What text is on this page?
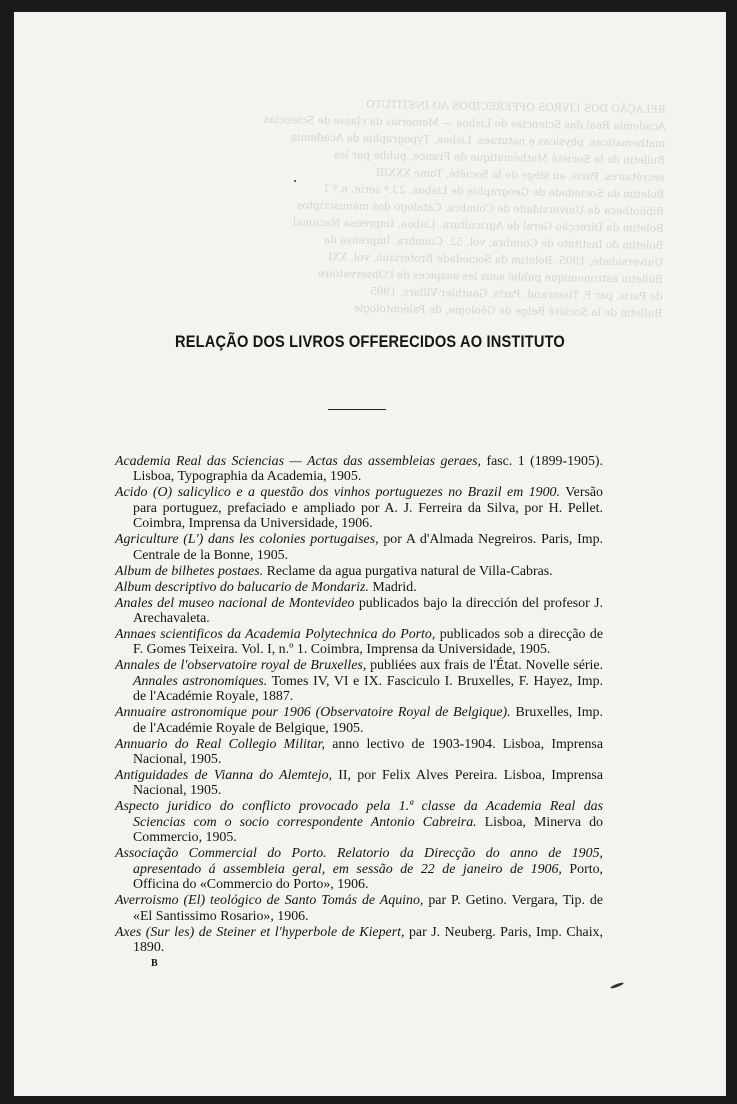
RELAÇÃO DOS LIVROS OFFERECIDOS AO INSTITUTO
Academia Real das Sciencias de Lisboa — Memorias da classe de Sciencias
mathematicas, physicas e naturaes. Lisboa, Typographia da Academia
Bulletin de la Société Mathématique de France, publié par les
secrétaires. Paris, au siège de la Société, Tome XXXIII
Boletim da Sociedade de Geographia de Lisboa, 23.ª serie, n.º 1
Bibliotheca da Universidade de Coimbra. Catalogo dos manuscriptos
Boletim da Direcção Geral de Agricultura. Lisboa, Imprensa Nacional
Boletim do Instituto de Coimbra, vol. 52. Coimbra, Imprensa da
Universidade, 1905. Boletim da Sociedade Broteriana, vol. XXI
Bulletin astronomique publié sous les auspices de l'Observatoire
de Paris, par F. Tisserand. Paris, Gauthier-Villars, 1905
Bulletin de la Société Belge de Géologie, de Paléontologie
RELAÇÃO DOS LIVROS OFFERECIDOS AO INSTITUTO
Academia Real das Sciencias — Actas das assembleias geraes, fasc. 1 (1899-1905). Lisboa, Typographia da Academia, 1905.
Acido (O) salicylico e a questão dos vinhos portuguezes no Brazil em 1900. Versão para portuguez, prefaciado e ampliado por A. J. Ferreira da Silva, por H. Pellet. Coimbra, Imprensa da Universidade, 1906.
Agriculture (L') dans les colonies portugaises, por A d'Almada Negreiros. Paris, Imp. Centrale de la Bonne, 1905.
Album de bilhetes postaes. Reclame da agua purgativa natural de Villa-Cabras.
Album descriptivo do balucario de Mondariz. Madrid.
Anales del museo nacional de Montevideo publicados bajo la dirección del profesor J. Arechavaleta.
Annaes scientificos da Academia Polytechnica do Porto, publicados sob a direcção de F. Gomes Teixeira. Vol. I, n.º 1. Coimbra, Imprensa da Universidade, 1905.
Annales de l'observatoire royal de Bruxelles, publiées aux frais de l'État. Novelle série. Annales astronomiques. Tomes IV, VI e IX. Fasciculo I. Bruxelles, F. Hayez, Imp. de l'Académie Royale, 1887.
Annuaire astronomique pour 1906 (Observatoire Royal de Belgique). Bruxelles, Imp. de l'Académie Royale de Belgique, 1905.
Annuario do Real Collegio Militar, anno lectivo de 1903-1904. Lisboa, Imprensa Nacional, 1905.
Antiguidades de Vianna do Alemtejo, II, por Felix Alves Pereira. Lisboa, Imprensa Nacional, 1905.
Aspecto juridico do conflicto provocado pela 1.ª classe da Academia Real das Sciencias com o socio correspondente Antonio Cabreira. Lisboa, Minerva do Commercio, 1905.
Associação Commercial do Porto. Relatorio da Direcção do anno de 1905, apresentado á assembleia geral, em sessão de 22 de janeiro de 1906, Porto, Officina do «Commercio do Porto», 1906.
Averroismo (El) teológico de Santo Tomás de Aquino, par P. Getino. Vergara, Tip. de «El Santissimo Rosario», 1906.
Axes (Sur les) de Steiner et l'hyperbole de Kiepert, par J. Neuberg. Paris, Imp. Chaix, 1890.

B
